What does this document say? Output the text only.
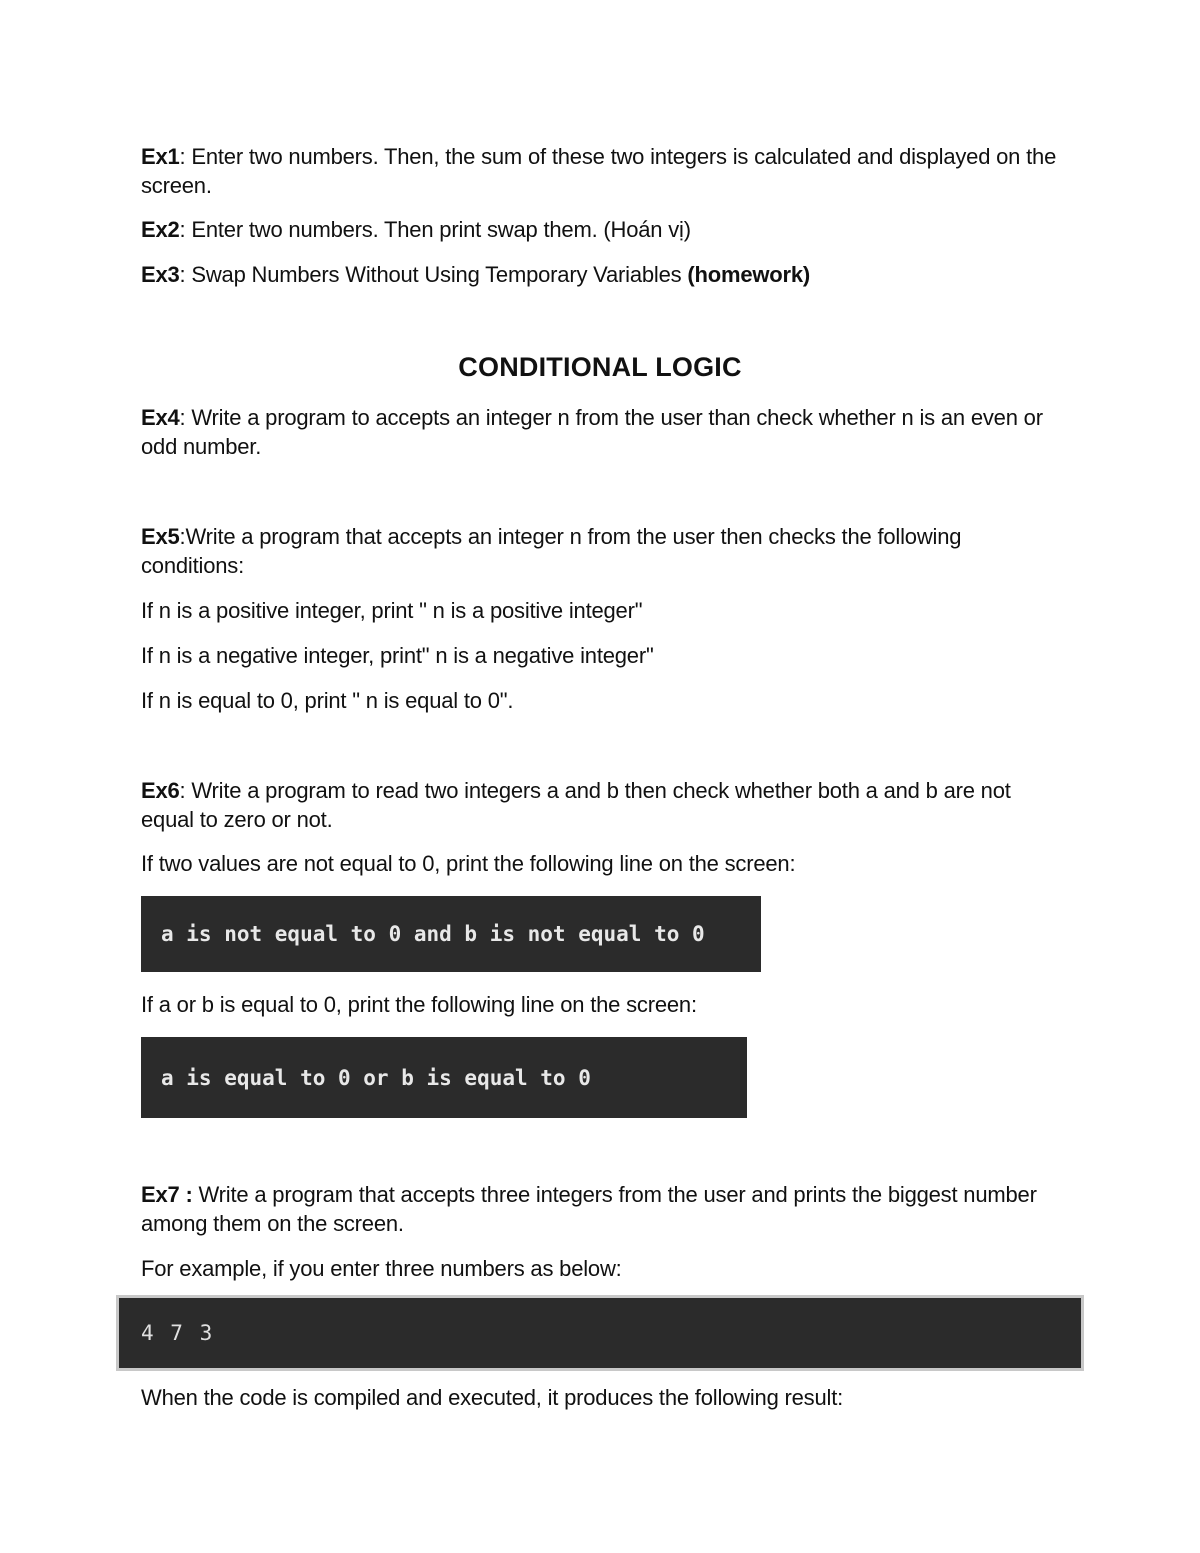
Ex1: Enter two numbers. Then, the sum of these two integers is calculated and displayed on the screen.

Ex2: Enter two numbers. Then print swap them. (Hoán vị)

Ex3: Swap Numbers Without Using Temporary Variables (homework)

CONDITIONAL LOGIC

Ex4: Write a program to accepts an integer n from the user than check whether n is an even or odd number.

Ex5:Write a program that accepts an integer n from the user then checks the following conditions:

If n is a positive integer, print " n is a positive integer"

If n is a negative integer, print" n is a negative integer"

If n is equal to 0, print " n is equal to 0".

Ex6: Write a program to read two integers a and b then check whether both a and b are not equal to zero or not.

If two values are not equal to 0, print the following line on the screen:

a is not equal to 0 and b is not equal to 0

If a or b is equal to 0, print the following line on the screen:

a is equal to 0 or b is equal to 0

Ex7 : Write a program that accepts three integers from the user and prints the biggest number among them on the screen.

For example, if you enter three numbers as below:

4 7 3

When the code is compiled and executed, it produces the following result:
